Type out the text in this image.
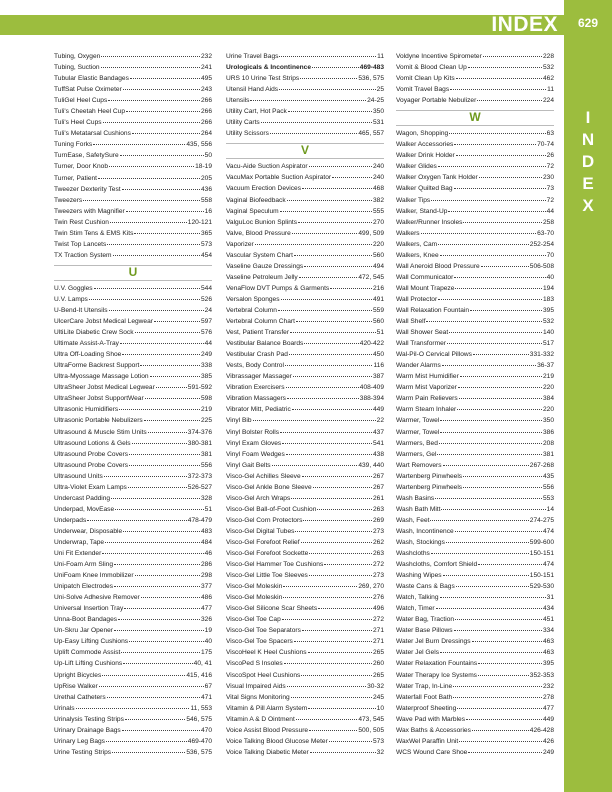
INDEX	629
I
N
D
E
X
Tubing, Oxygen	232
Tubing, Suction	241
Tubular Elastic Bandages	495
TuffSat Pulse Oximeter	243
TuliGel Heel Cups	266
Tuli's Cheetah Heel Cup	266
Tuli's Heel Cups	266
Tuli's Metatarsal Cushions	264
Tuning Forks	435, 556
TurnEase, SafetySure	50
Turner, Door Knob	18-19
Turner, Patient	205
Tweezer Dexterity Test	436
Tweezers	558
Tweezers with Magnifier	16
Twin Rest Cushion	120-121
Twin Stim Tens & EMS Kits	365
Twist Top Lancets	573
TX Traction System	454
U
U.V. Goggles	544
U.V. Lamps	526
U-Bend-It Utensils	24
UlcerCare Jobst Medical Legwear	597
UltiLite Diabetic Crew Sock	576
Ultimate Assist-A-Tray	44
Ultra Off-Loading Shoe	249
UltraForme Backrest Support	338
Ultra-Myossage Massage Lotion	385
UltraSheer Jobst Medical Legwear	591-592
UltraSheer Jobst SupportWear	598
Ultrasonic Humidifiers	219
Ultrasonic Portable Nebulizers	225
Ultrasound & Muscle Stim Units	374-376
Ultrasound Lotions & Gels	380-381
Ultrasound Probe Covers	381
Ultrasound Probe Covers	556
Ultrasound Units	372-373
Ultra-Violet Exam Lamps	526-527
Undercast Padding	328
Underpad, MovEase	51
Underpads	478-479
Underwear, Disposable	483
Underwrap, Tape	484
Uni Fit Extender	46
Uni-Foam Arm Sling	286
UniFoam Knee Immobilizer	298
Unipatch Electrodes	377
Uni-Solve Adhesive Remover	486
Universal Insertion Tray	477
Unna-Boot Bandages	326
Un-Skru Jar Opener	19
Up-Easy Lifting Cushions	40
Uplift Commode Assist	175
Up-Lift Lifting Cushions	40, 41
Upright Bicycles	415, 416
UpRise Walker	67
Urethal Catheters	471
Urinals	11, 553
Urinalysis Testing Strips	546, 575
Urinary Drainage Bags	470
Urinary Leg Bags	469-470
Urine Testing Strips	536, 575
Urine Travel Bags	11
Urologicals & Incontinence	469-483
URS 10 Urine Test Strips	536, 575
Utensil Hand Aids	25
Utensils	24-25
Utility Cart, Hot Pack	350
Utility Carts	531
Utility Scissors	465, 557
V
Vacu-Aide Suction Aspirator	240
VacuMax Portable Suction Aspirator	240
Vacuum Erection Devices	468
Vaginal Biofeedback	382
Vaginal Speculum	555
ValguLoc Bunion Splints	270
Valve, Blood Pressure	499, 509
Vaporizer	220
Vascular System Chart	560
Vaseline Gauze Dressings	494
Vaseline Petroleum Jelly	472, 545
VenaFlow DVT Pumps & Garments	216
Versalon Sponges	491
Vertebral Column	559
Vertebral Column Chart	560
Vest, Patient Transfer	51
Vestibular Balance Boards	420-422
Vestibular Crash Pad	450
Vests, Body Control	116
Vibrassager Massager	387
Vibration Exercisers	408-409
Vibration Massagers	388-394
Vibrator Mitt, Pediatric	449
Vinyl Bib	22
Vinyl Bolster Rolls	437
Vinyl Exam Gloves	541
Vinyl Foam Wedges	438
Vinyl Gait Belts	439, 440
Visco-Gel Achilles Sleeve	267
Visco-Gel Ankle Bone Sleeve	267
Visco-Gel Arch Wraps	261
Visco-Gel Ball-of-Foot Cushion	263
Visco-Gel Corn Protectors	269
Visco-Gel Digital Tubes	273
Visco-Gel Forefoot Relief	262
Visco-Gel Forefoot Sockette	263
Visco-Gel Hammer Toe Cushions	272
Visco-Gel Little Toe Sleeves	273
Visco-Gel Moleskin	269, 270
Visco-Gel Moleskin	276
Visco-Gel Silicone Scar Sheets	496
Visco-Gel Toe Cap	272
Visco-Gel Toe Separators	271
Visco-Gel Toe Spacers	271
ViscoHeel K Heel Cushions	265
ViscoPed S Insoles	260
ViscoSpot Heel Cushions	265
Visual Impaired Aids	30-32
Vital Signs Monitoring	245
Vitamin & Pill Alarm System	10
Vitamin A & D Ointment	473, 545
Voice Assist Blood Pressure	500, 505
Voice Talking Blood Glucose Meter	573
Voice Talking Diabetic Meter	32
Voldyne Incentive Spirometer	228
Vomit & Blood Clean Up	532
Vomit Clean Up Kits	462
Vomit Travel Bags	11
Voyager Portable Nebulizer	224
W
Wagon, Shopping	63
Walker Accessories	70-74
Walker Drink Holder	26
Walker Glides	72
Walker Oxygen Tank Holder	230
Walker Quilted Bag	73
Walker Tips	72
Walker, Stand-Up	44
Walker/Runner Insoles	258
Walkers	63-70
Walkers, Cam	252-254
Walkers, Knee	70
Wall Aneroid Blood Pressure	506-508
Wall Communicator	40
Wall Mount Trapeze	194
Wall Protector	183
Wall Relaxation Fountain	395
Wall Shelf	532
Wall Shower Seat	140
Wall Transformer	517
Wal-Pil-O Cervical Pillows	331-332
Wander Alarms	36-37
Warm Mist Humidifier	219
Warm Mist Vaporizer	220
Warm Pain Relievers	384
Warm Steam Inhaler	220
Warmer, Towel	350
Warmer, Towel	386
Warmers, Bed	208
Warmers, Gel	381
Wart Removers	267-268
Wartenberg Pinwheels	435
Wartenberg Pinwheels	556
Wash Basins	553
Wash Bath Mitt	14
Wash, Feet	274-275
Wash, Incontinence	474
Wash, Stockings	599-600
Washcloths	150-151
Washcloths, Comfort Shield	474
Washing Wipes	150-151
Waste Cans & Bags	529-530
Watch, Talking	31
Watch, Timer	434
Water Bag, Traction	451
Water Base Pillows	334
Water Jel Burn Dressings	463
Water Jel Gels	463
Water Relaxation Fountains	395
Water Therapy Ice Systems	352-353
Water Trap, In-Line	232
Waterfall Foot Bath	278
Waterproof Sheeting	477
Wave Pad with Marbles	449
Wax Baths & Accessories	426-428
WaxWel Paraffin Unit	426
WCS Wound Care Shoe	249
